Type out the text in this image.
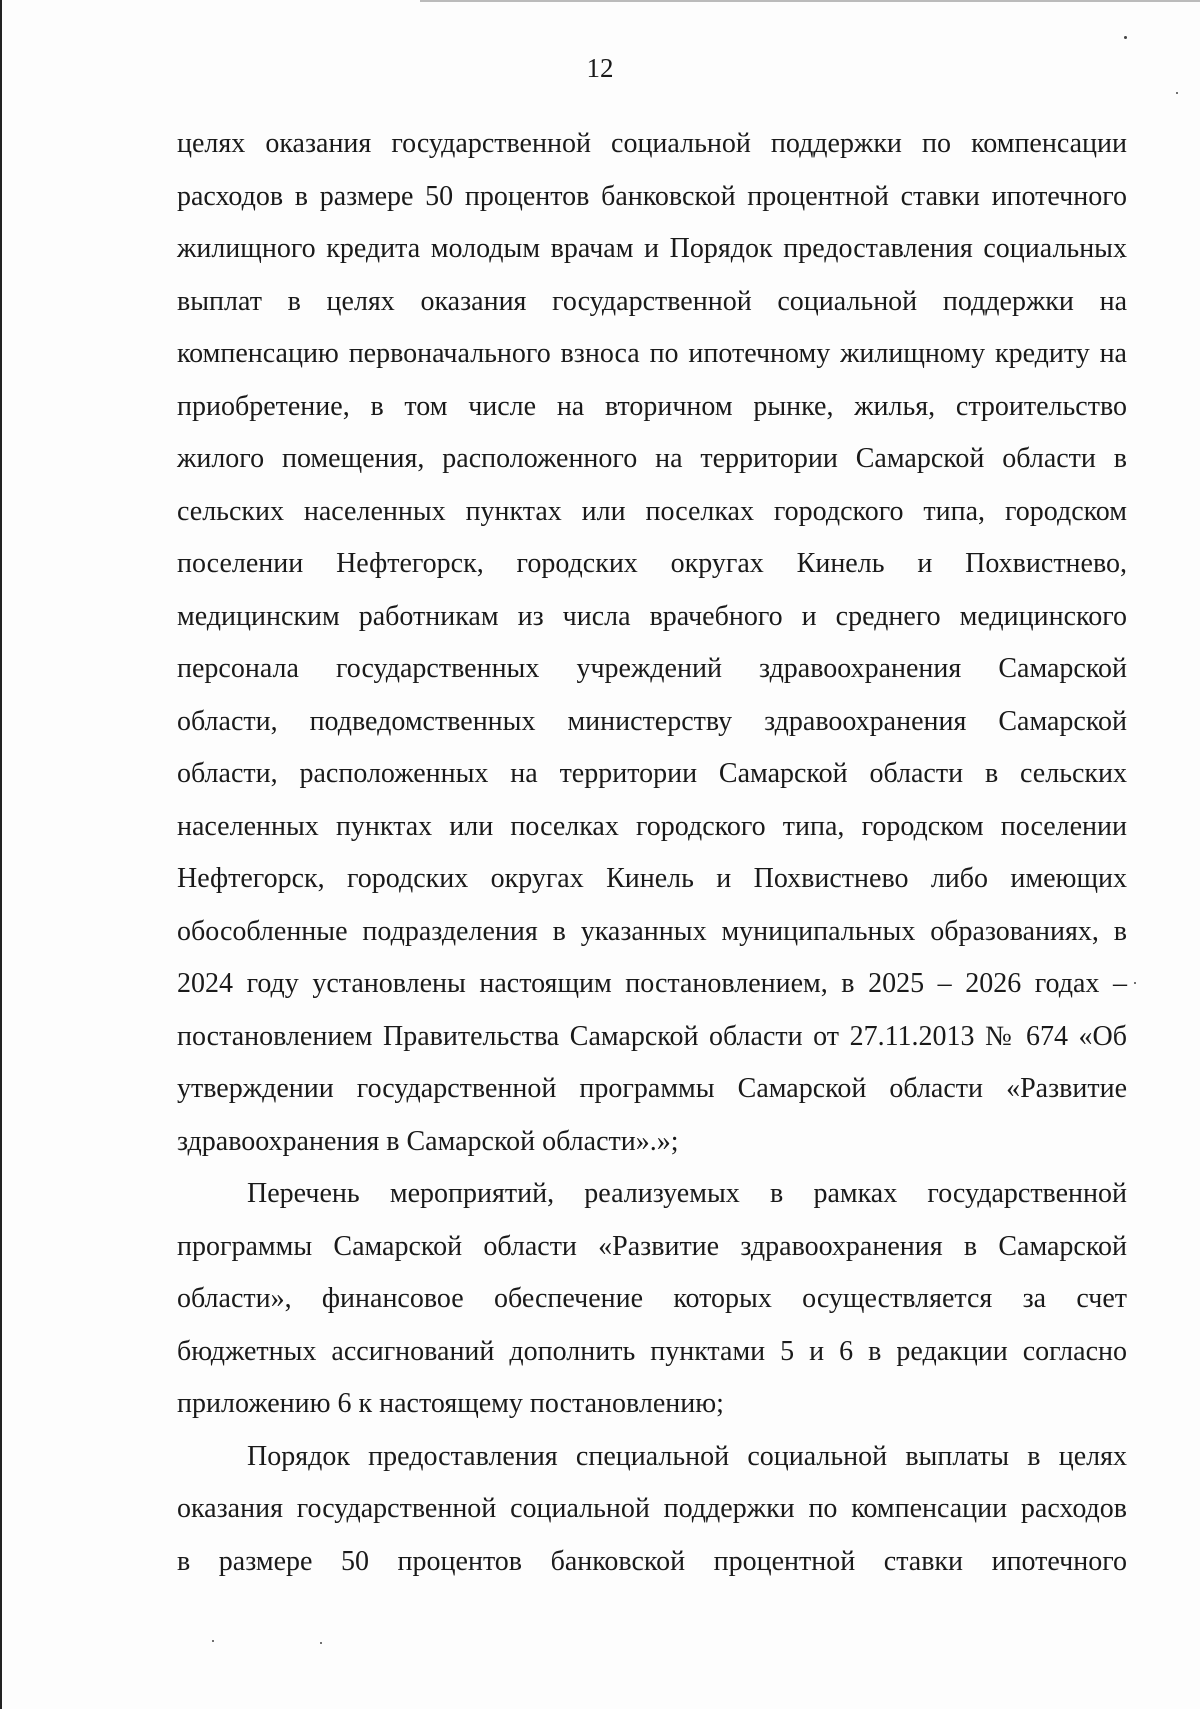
12

целях оказания государственной социальной поддержки по компенсации
расходов в размере 50 процентов банковской процентной ставки ипотечного
жилищного кредита молодым врачам и Порядок предоставления социальных
выплат в целях оказания государственной социальной поддержки на
компенсацию первоначального взноса по ипотечному жилищному кредиту на
приобретение, в том числе на вторичном рынке, жилья, строительство
жилого помещения, расположенного на территории Самарской области в
сельских населенных пунктах или поселках городского типа, городском
поселении Нефтегорск, городских округах Кинель и Похвистнево,
медицинским работникам из числа врачебного и среднего медицинского
персонала государственных учреждений здравоохранения Самарской
области, подведомственных министерству здравоохранения Самарской
области, расположенных на территории Самарской области в сельских
населенных пунктах или поселках городского типа, городском поселении
Нефтегорск, городских округах Кинель и Похвистнево либо имеющих
обособленные подразделения в указанных муниципальных образованиях, в
2024 году установлены настоящим постановлением, в 2025 – 2026 годах –
постановлением Правительства Самарской области от 27.11.2013 № 674 «Об
утверждении государственной программы Самарской области «Развитие
здравоохранения в Самарской области».»;

Перечень мероприятий, реализуемых в рамках государственной
программы Самарской области «Развитие здравоохранения в Самарской
области», финансовое обеспечение которых осуществляется за счет
бюджетных ассигнований дополнить пунктами 5 и 6 в редакции согласно
приложению 6 к настоящему постановлению;

Порядок предоставления специальной социальной выплаты в целях
оказания государственной социальной поддержки по компенсации расходов
в размере 50 процентов банковской процентной ставки ипотечного
